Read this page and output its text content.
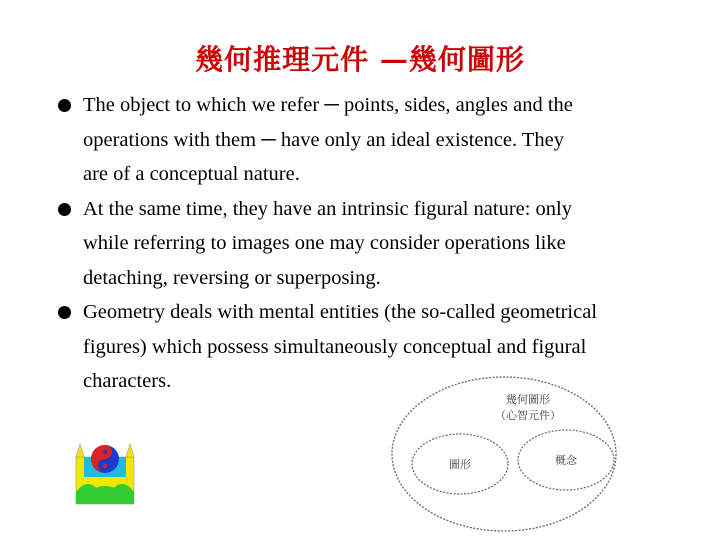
幾何推理元件 —幾何圖形
The object to which we refer ─ points, sides, angles and the
operations with them ─ have only an ideal existence. They
are of a conceptual nature.
At the same time, they have an intrinsic figural nature: only
while referring to images one may consider operations like
detaching, reversing or superposing.
Geometry deals with mental entities (the so-called geometrical
figures) which possess simultaneously conceptual and figural
characters.
幾何圖形
（心智元件）
圖形	概念
